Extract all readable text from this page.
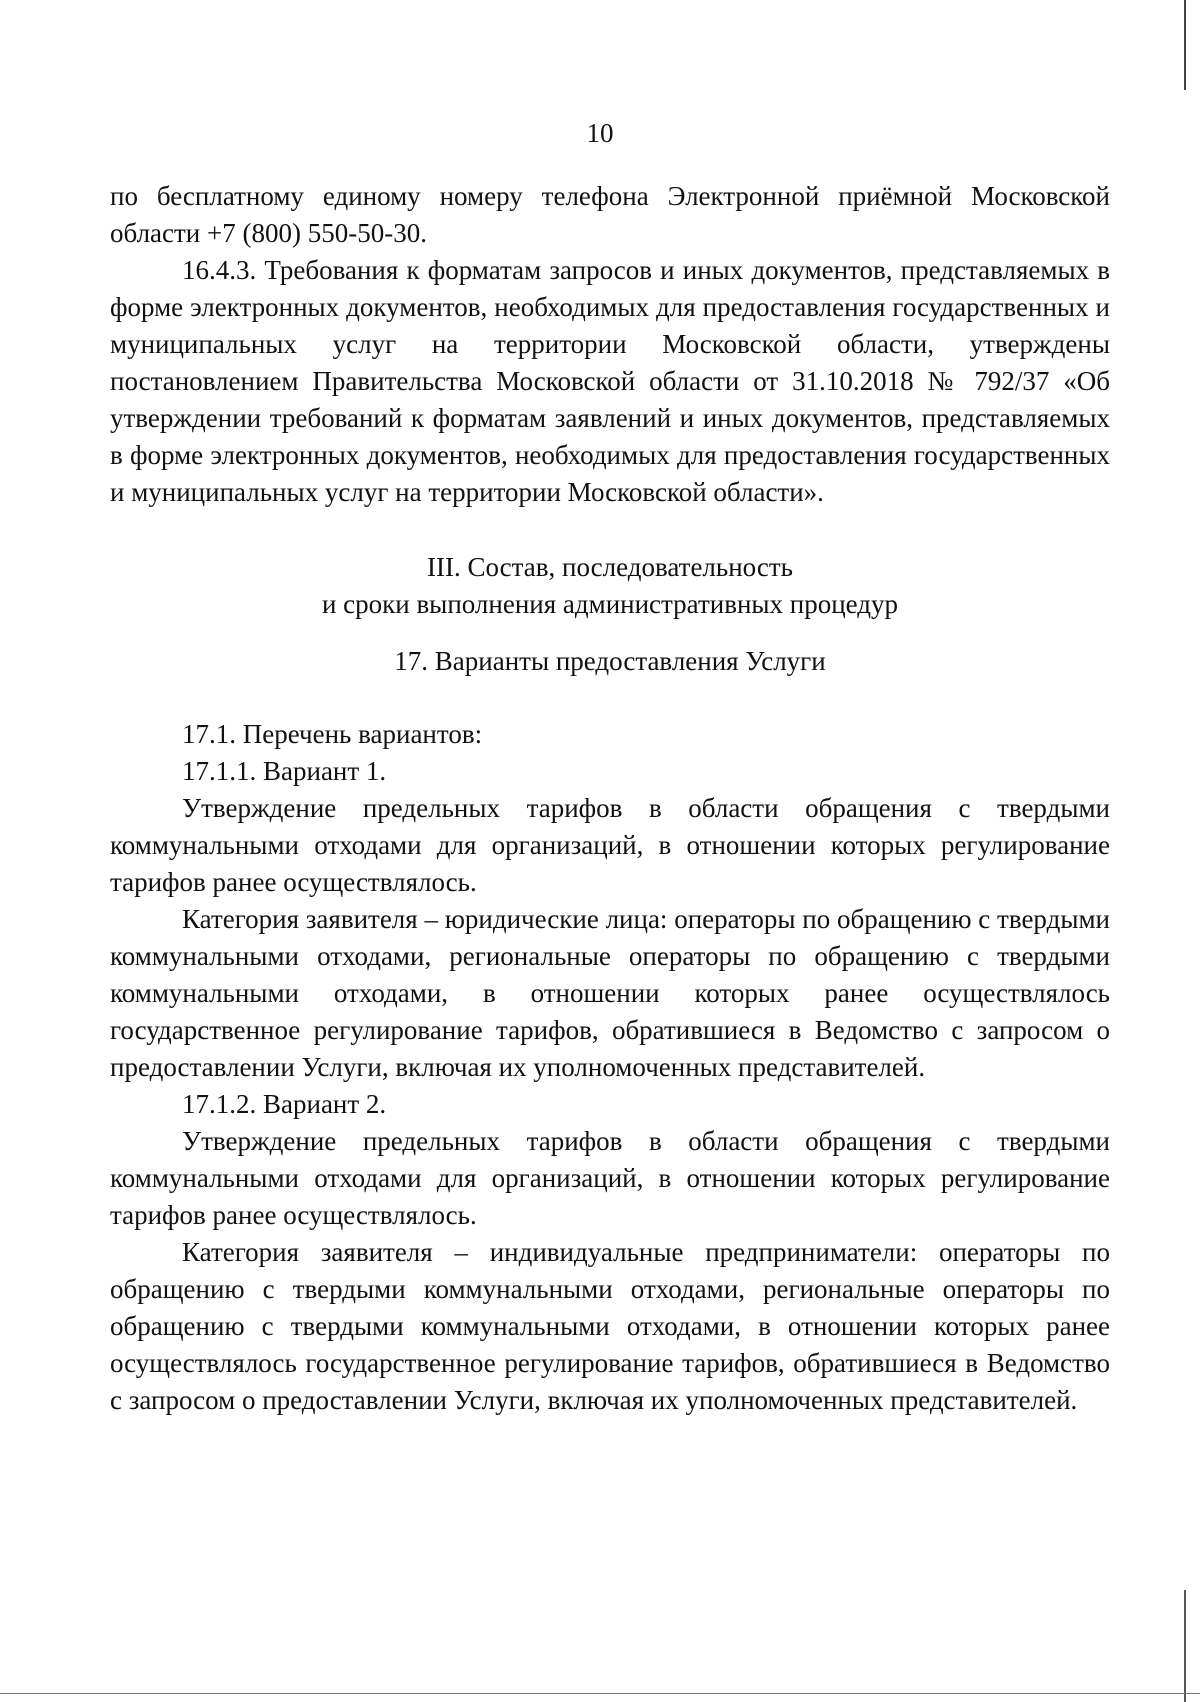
10

по бесплатному единому номеру телефона Электронной приёмной Московской области +7 (800) 550-50-30.

16.4.3. Требования к форматам запросов и иных документов, представляемых в форме электронных документов, необходимых для предоставления государственных и муниципальных услуг на территории Московской области, утверждены постановлением Правительства Московской области от 31.10.2018 № 792/37 «Об утверждении требований к форматам заявлений и иных документов, представляемых в форме электронных документов, необходимых для предоставления государственных и муниципальных услуг на территории Московской области».

III. Состав, последовательность

и сроки выполнения административных процедур

17. Варианты предоставления Услуги

17.1. Перечень вариантов:

17.1.1. Вариант 1.

Утверждение предельных тарифов в области обращения с твердыми коммунальными отходами для организаций, в отношении которых регулирование тарифов ранее осуществлялось.

Категория заявителя – юридические лица: операторы по обращению с твердыми коммунальными отходами, региональные операторы по обращению с твердыми коммунальными отходами, в отношении которых ранее осуществлялось государственное регулирование тарифов, обратившиеся в Ведомство с запросом о предоставлении Услуги, включая их уполномоченных представителей.

17.1.2. Вариант 2.

Утверждение предельных тарифов в области обращения с твердыми коммунальными отходами для организаций, в отношении которых регулирование тарифов ранее осуществлялось.

Категория заявителя – индивидуальные предприниматели: операторы по обращению с твердыми коммунальными отходами, региональные операторы по обращению с твердыми коммунальными отходами, в отношении которых ранее осуществлялось государственное регулирование тарифов, обратившиеся в Ведомство с запросом о предоставлении Услуги, включая их уполномоченных представителей.
